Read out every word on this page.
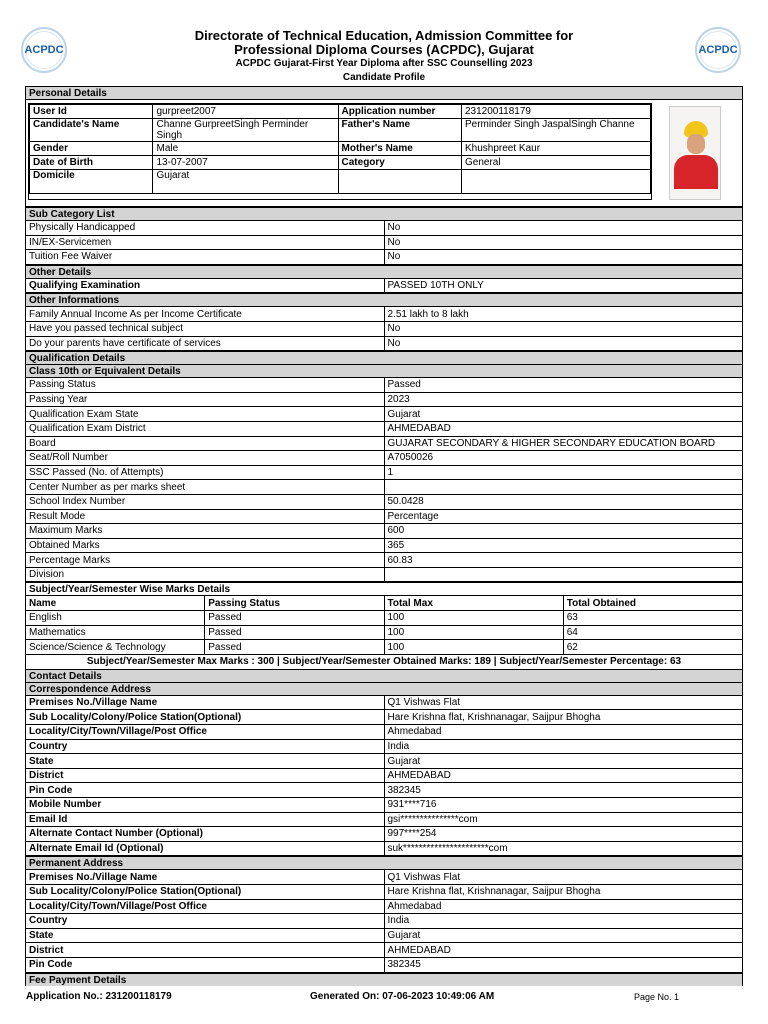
ACPDC	ACPDC
Directorate of Technical Education, Admission Committee for Professional Diploma Courses (ACPDC), Gujarat
ACPDC Gujarat-First Year Diploma after SSC Counselling 2023
Candidate Profile
Personal Details
User Id	gurpreet2007	Application number	231200118179
Candidate's Name	Channe GurpreetSingh Perminder Singh	Father's Name	Perminder Singh JaspalSingh Channe
Gender	Male	Mother's Name	Khushpreet Kaur
Date of Birth	13-07-2007	Category	General
Domicile	Gujarat		
Sub Category List
Physically Handicapped	No
IN/EX-Servicemen	No
Tuition Fee Waiver	No
Other Details
Qualifying Examination	PASSED 10TH ONLY
Other Informations
Family Annual Income As per Income Certificate	2.51 lakh to 8 lakh
Have you passed technical subject	No
Do your parents have certificate of services	No
Qualification Details
Class 10th or Equivalent Details
Passing Status	Passed
Passing Year	2023
Qualification Exam State	Gujarat
Qualification Exam District	AHMEDABAD
Board	GUJARAT SECONDARY & HIGHER SECONDARY EDUCATION BOARD
Seat/Roll Number	A7050026
SSC Passed (No. of Attempts)	1
Center Number as per marks sheet	
School Index Number	50.0428
Result Mode	Percentage
Maximum Marks	600
Obtained Marks	365
Percentage Marks	60.83
Division	
Subject/Year/Semester Wise Marks Details
Name	Passing Status	Total Max	Total Obtained
English	Passed	100	63
Mathematics	Passed	100	64
Science/Science & Technology	Passed	100	62
Subject/Year/Semester Max Marks : 300 | Subject/Year/Semester Obtained Marks: 189 | Subject/Year/Semester Percentage: 63
Contact Details
Correspondence Address
Premises No./Village Name	Q1 Vishwas Flat
Sub Locality/Colony/Police Station(Optional)	Hare Krishna flat, Krishnanagar, Saijpur Bhogha
Locality/City/Town/Village/Post Office	Ahmedabad
Country	India
State	Gujarat
District	AHMEDABAD
Pin Code	382345
Mobile Number	931****716
Email Id	gsi***************com
Alternate Contact Number (Optional)	997****254
Alternate Email Id (Optional)	suk**********************com
Permanent Address
Premises No./Village Name	Q1 Vishwas Flat
Sub Locality/Colony/Police Station(Optional)	Hare Krishna flat, Krishnanagar, Saijpur Bhogha
Locality/City/Town/Village/Post Office	Ahmedabad
Country	India
State	Gujarat
District	AHMEDABAD
Pin Code	382345
Fee Payment Details
Application No.: 231200118179	Generated On: 07-06-2023 10:49:06 AM	Page No. 1
